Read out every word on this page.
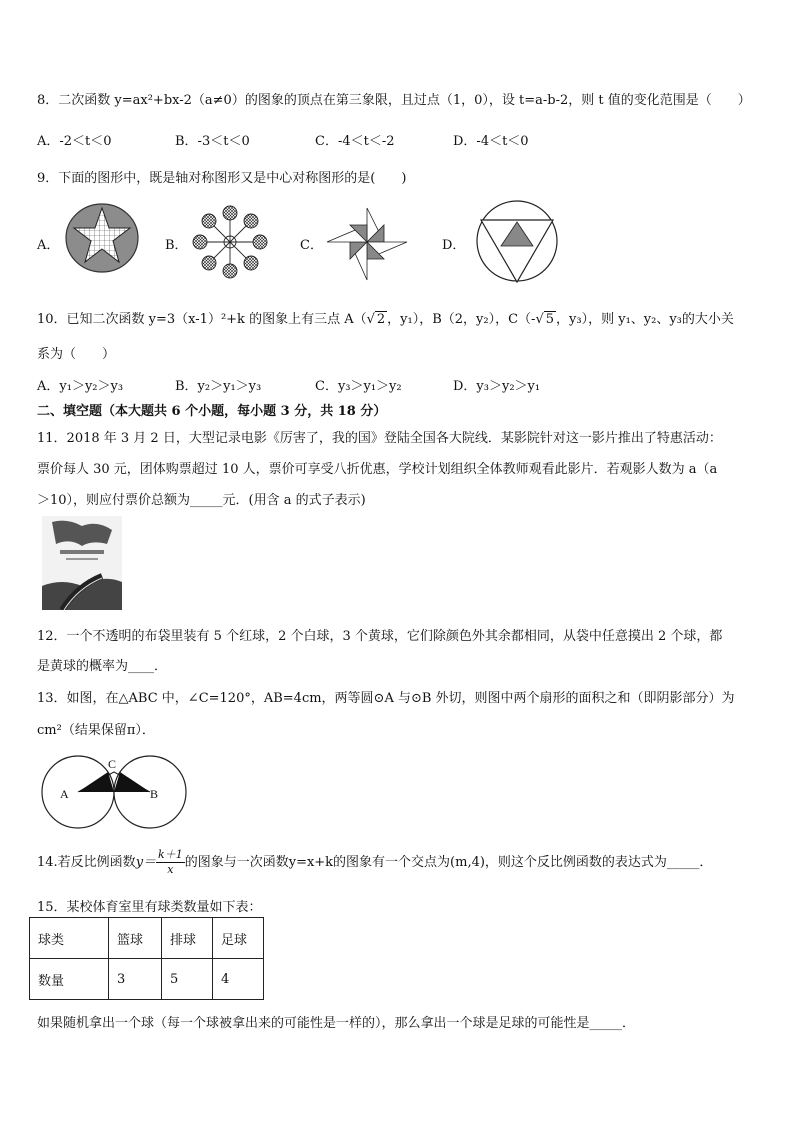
8．二次函数 y=ax²+bx-2（a≠0）的图象的顶点在第三象限，且过点（1，0），设 t=a-b-2，则 t 值的变化范围是（　　）
A．-2＜t＜0	B．-3＜t＜0	C．-4＜t＜-2	D．-4＜t＜0
9．下面的图形中，既是轴对称图形又是中心对称图形的是(　　)
A．	B．	C．	D．
10．已知二次函数 y=3（x-1）²+k 的图象上有三点 A（√ 2 ，y₁），B（2，y₂），C（-√ 5 ，y₃），则 y₁、y₂、y₃的大小关
系为（　　）
A．y₁＞y₂＞y₃	B．y₂＞y₁＞y₃	C．y₃＞y₁＞y₂	D．y₃＞y₂＞y₁
二、填空题（本大题共 6 个小题，每小题 3 分，共 18 分）
11．2018 年 3 月 2 日，大型记录电影《厉害了，我的国》登陆全国各大院线．某影院针对这一影片推出了特惠活动：
票价每人 30 元，团体购票超过 10 人，票价可享受八折优惠，学校计划组织全体教师观看此影片．若观影人数为 a（a
＞10），则应付票价总额为_____元．(用含 a 的式子表示)
12．一个不透明的布袋里装有 5 个红球，2 个白球，3 个黄球，它们除颜色外其余都相同，从袋中任意摸出 2 个球，都
是黄球的概率为____．
13．如图，在△ABC 中，∠C=120°，AB=4cm，两等圆⊙A 与⊙B 外切，则图中两个扇形的面积之和（即阴影部分）为
cm²（结果保留π）．
A
C
B
14.若反比例函数$y= \frac{k+1}{x}$ 的图象与一次函数y=x+k的图象有一个交点为(m,4)，则这个反比例函数的表达式为_____．
15．某校体育室里有球类数量如下表：
球类	篮球	排球	足球
数量	3	5	4
如果随机拿出一个球（每一个球被拿出来的可能性是一样的），那么拿出一个球是足球的可能性是_____．
